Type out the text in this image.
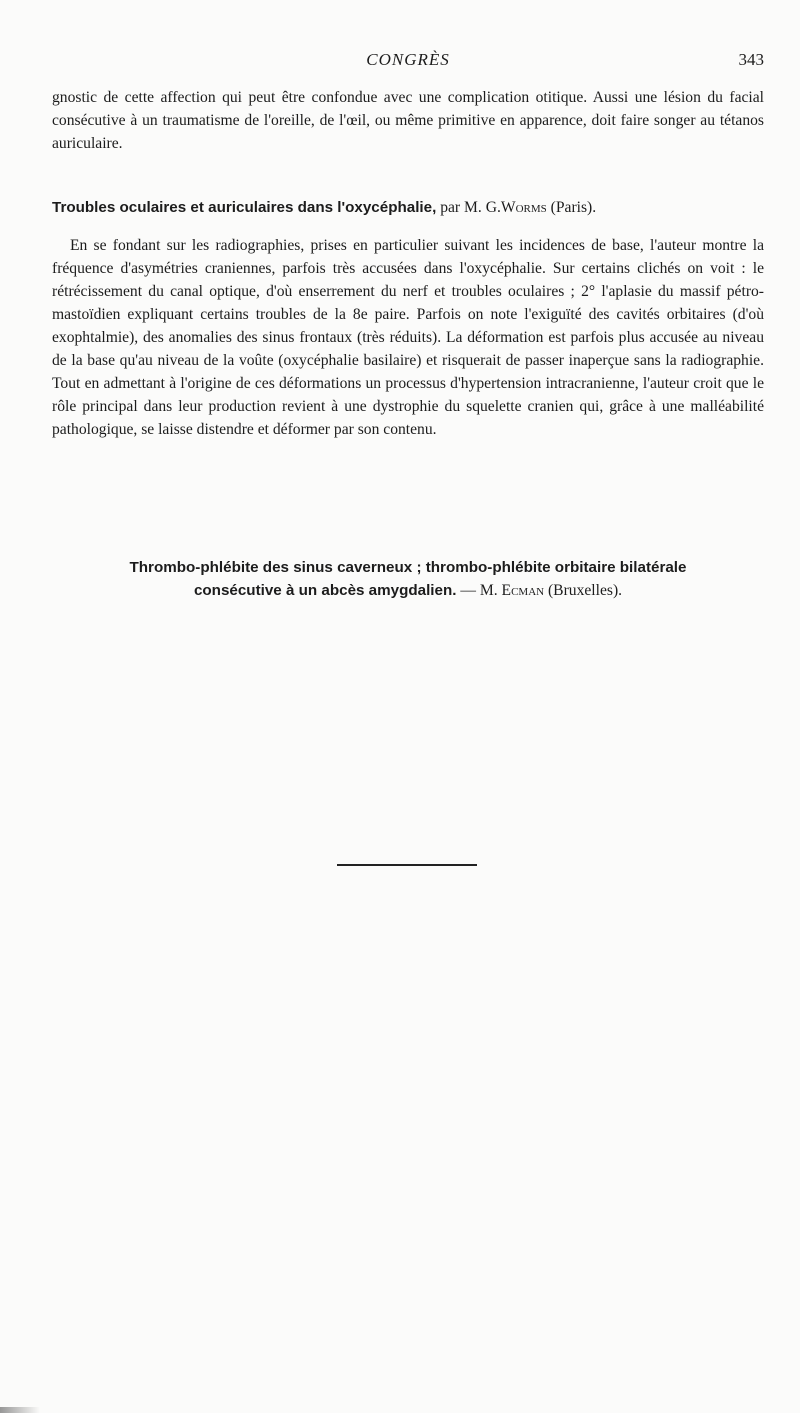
CONGRÈS	343

gnostic de cette affection qui peut être confondue avec une complication otitique. Aussi une lésion du facial consécutive à un traumatisme de l'oreille, de l'œil, ou même primitive en apparence, doit faire songer au tétanos auriculaire.

Troubles oculaires et auriculaires dans l'oxycéphalie, par M. G.Worms (Paris).

En se fondant sur les radiographies, prises en particulier suivant les incidences de base, l'auteur montre la fréquence d'asymétries craniennes, parfois très accusées dans l'oxycéphalie. Sur certains clichés on voit : le rétrécissement du canal optique, d'où enserrement du nerf et troubles oculaires ; 2° l'aplasie du massif pétro-mastoïdien expliquant certains troubles de la 8e paire. Parfois on note l'exiguïté des cavités orbitaires (d'où exophtalmie), des anomalies des sinus frontaux (très réduits). La déformation est parfois plus accusée au niveau de la base qu'au niveau de la voûte (oxycéphalie basilaire) et risquerait de passer inaperçue sans la radiographie. Tout en admettant à l'origine de ces déformations un processus d'hypertension intracranienne, l'auteur croit que le rôle principal dans leur production revient à une dystrophie du squelette cranien qui, grâce à une malléabilité pathologique, se laisse distendre et déformer par son contenu.

Thrombo-phlébite des sinus caverneux ; thrombo-phlébite orbitaire bilatérale
consécutive à un abcès amygdalien. — M. Ecman (Bruxelles).
